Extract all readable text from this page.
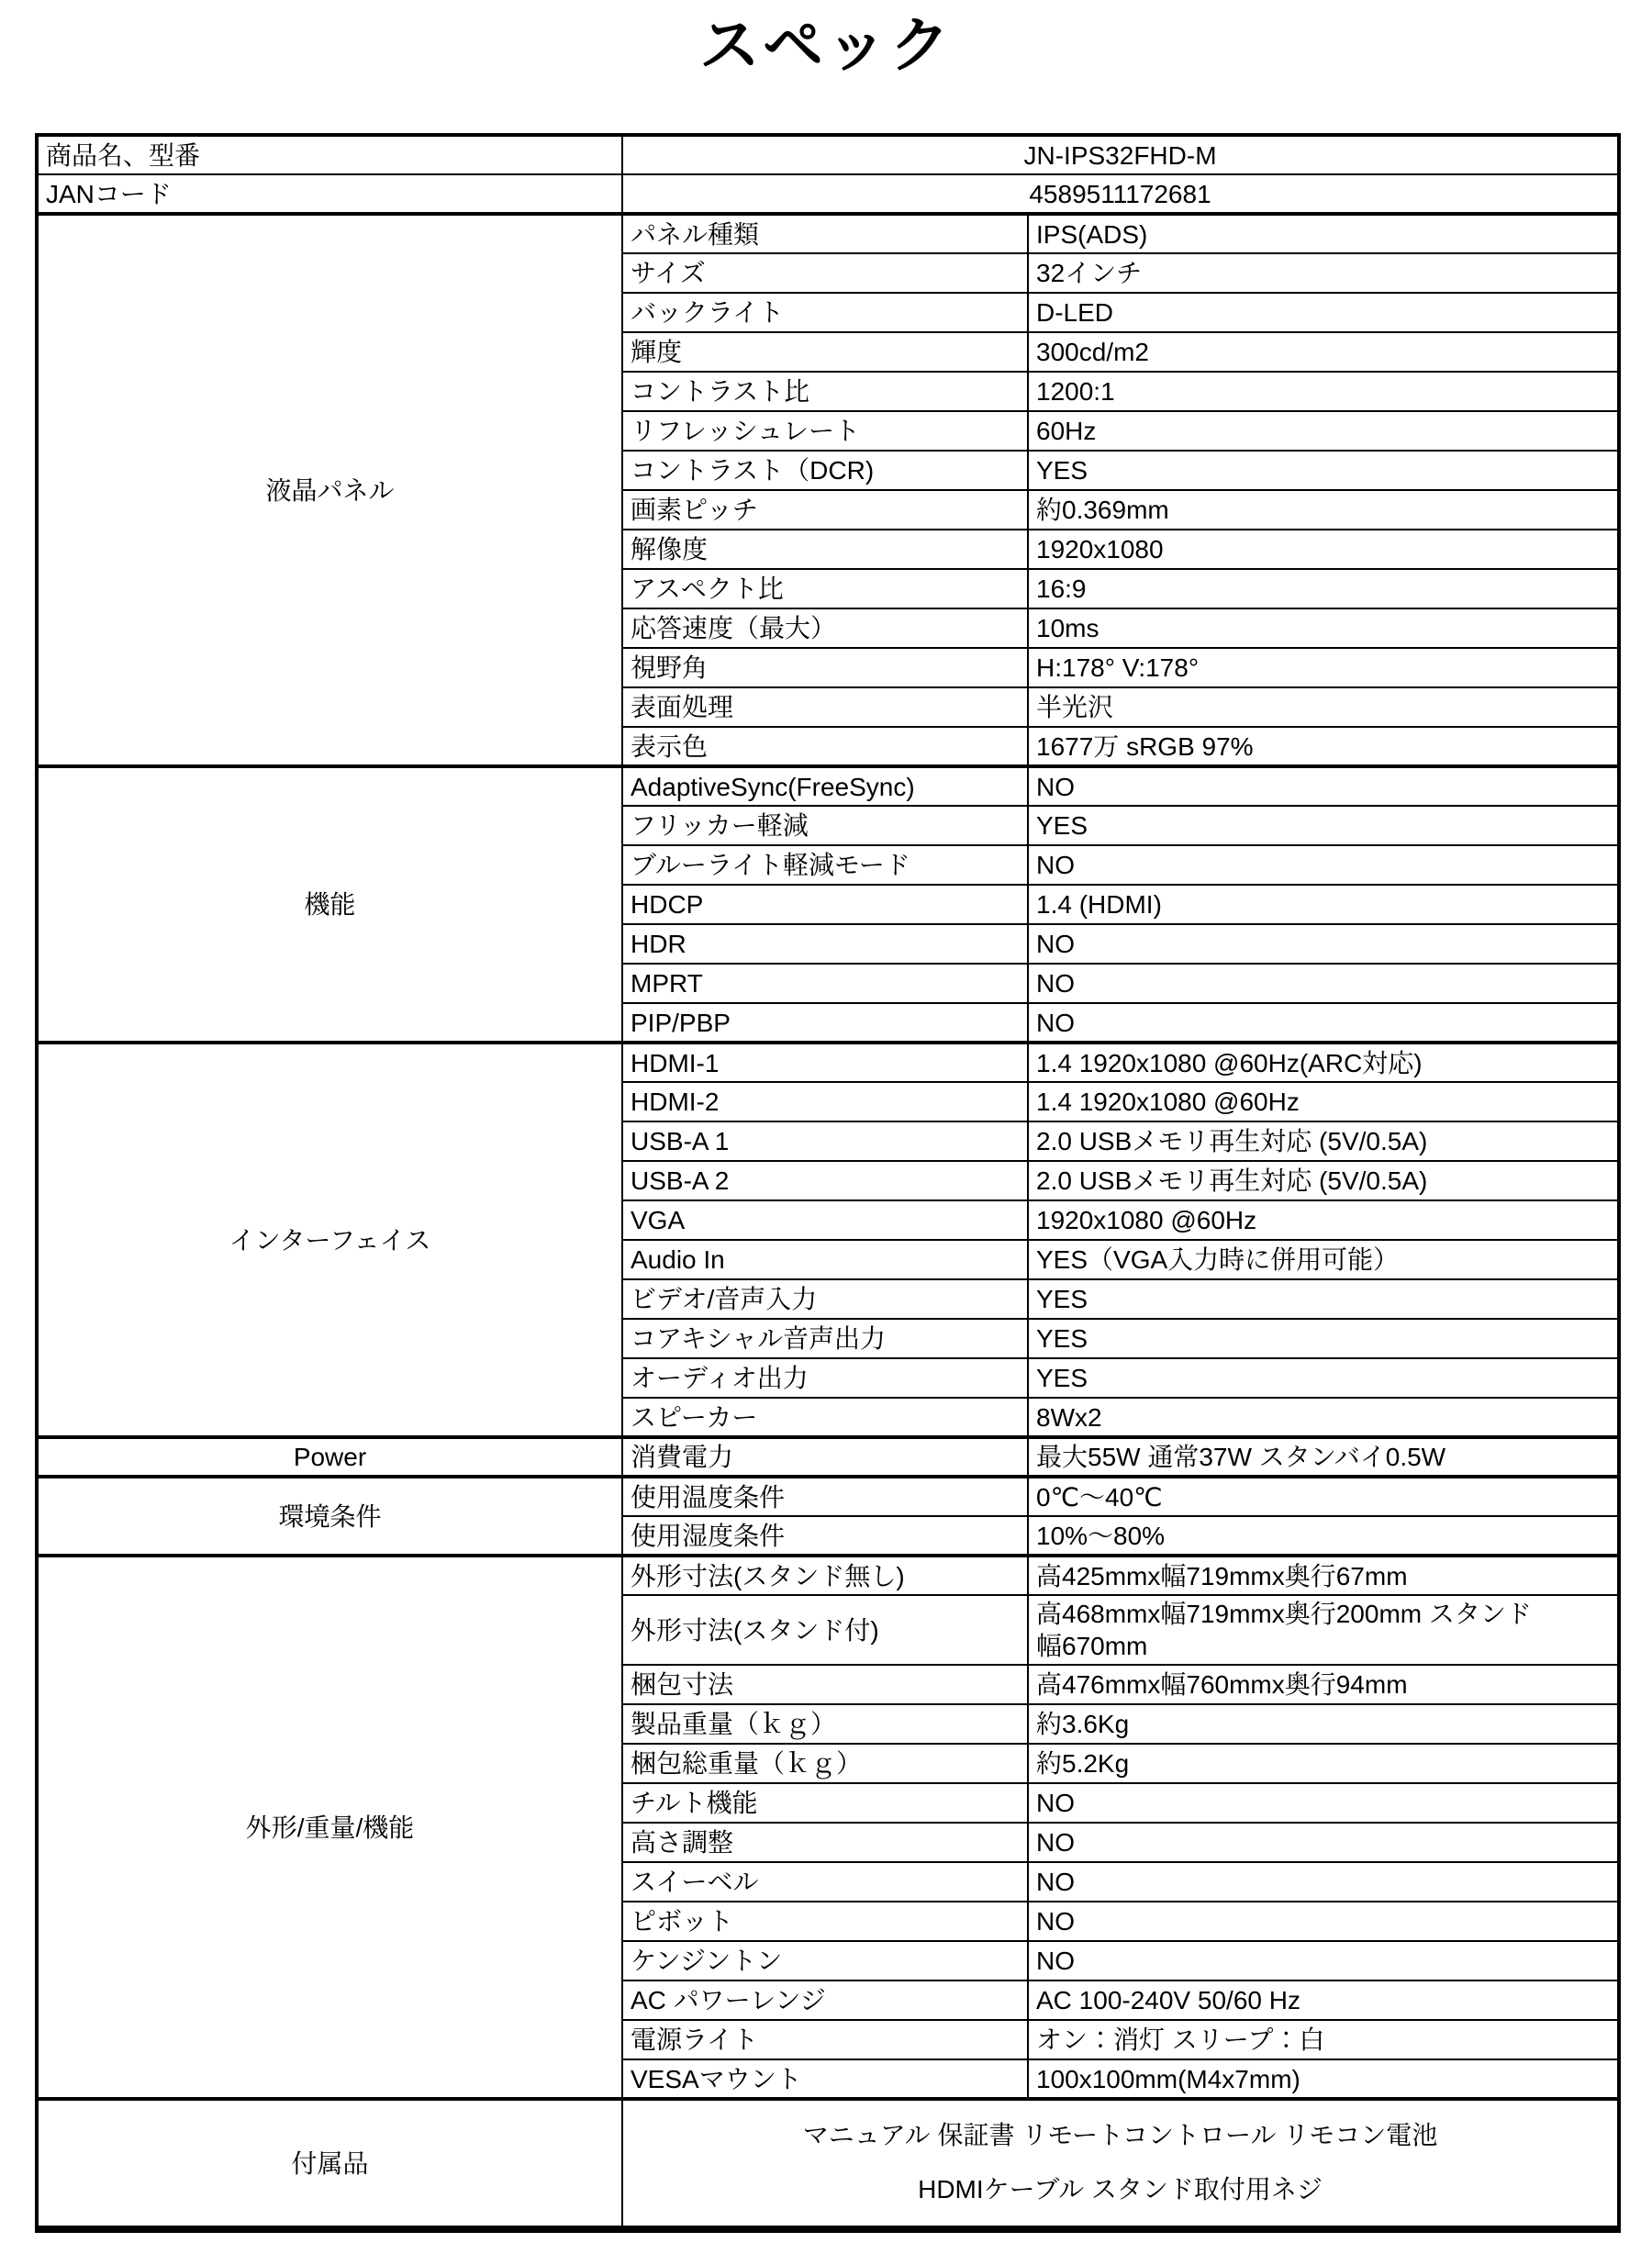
スペック
商品名、型番	JN-IPS32FHD-M	
JANコード	4589511172681	
液晶パネル	パネル種類	IPS(ADS)
	サイズ	32インチ
	バックライト	D-LED
	輝度	300cd/m2
	コントラスト比	1200:1
	リフレッシュレート	60Hz
	コントラスト（DCR)	YES
	画素ピッチ	約0.369mm
	解像度	1920x1080
	アスペクト比	16:9
	応答速度（最大）	10ms
	視野角	H:178° V:178°
	表面処理	半光沢
	表示色	1677万 sRGB 97%
機能	AdaptiveSync(FreeSync)	NO
	フリッカー軽減	YES
	ブルーライト軽減モード	NO
	HDCP	1.4 (HDMI)
	HDR	NO
	MPRT	NO
	PIP/PBP	NO
インターフェイス	HDMI-1	1.4 1920x1080 @60Hz(ARC対応)
	HDMI-2	1.4 1920x1080 @60Hz
	USB-A 1	2.0 USBメモリ再生対応 (5V/0.5A)
	USB-A 2	2.0 USBメモリ再生対応 (5V/0.5A)
	VGA	1920x1080 @60Hz
	Audio In	YES（VGA入力時に併用可能）
	ビデオ/音声入力	YES
	コアキシャル音声出力	YES
	オーディオ出力	YES
	スピーカー	8Wx2
Power	消費電力	最大55W 通常37W スタンバイ0.5W
環境条件	使用温度条件	0℃～40℃
	使用湿度条件	10%～80%
外形/重量/機能	外形寸法(スタンド無し)	高425mmx幅719mmx奥行67mm
	外形寸法(スタンド付)	高468mmx幅719mmx奥行200mm スタンド
幅670mm
	梱包寸法	高476mmx幅760mmx奥行94mm
	製品重量（ｋｇ）	約3.6Kg
	梱包総重量（ｋｇ）	約5.2Kg
	チルト機能	NO
	高さ調整	NO
	スイーベル	NO
	ピボット	NO
	ケンジントン	NO
	AC パワーレンジ	AC 100-240V 50/60 Hz
	電源ライト	オン：消灯 スリープ：白
	VESAマウント	100x100mm(M4x7mm)
付属品	マニュアル 保証書 リモートコントロール リモコン電池
HDMIケーブル スタンド取付用ネジ	
